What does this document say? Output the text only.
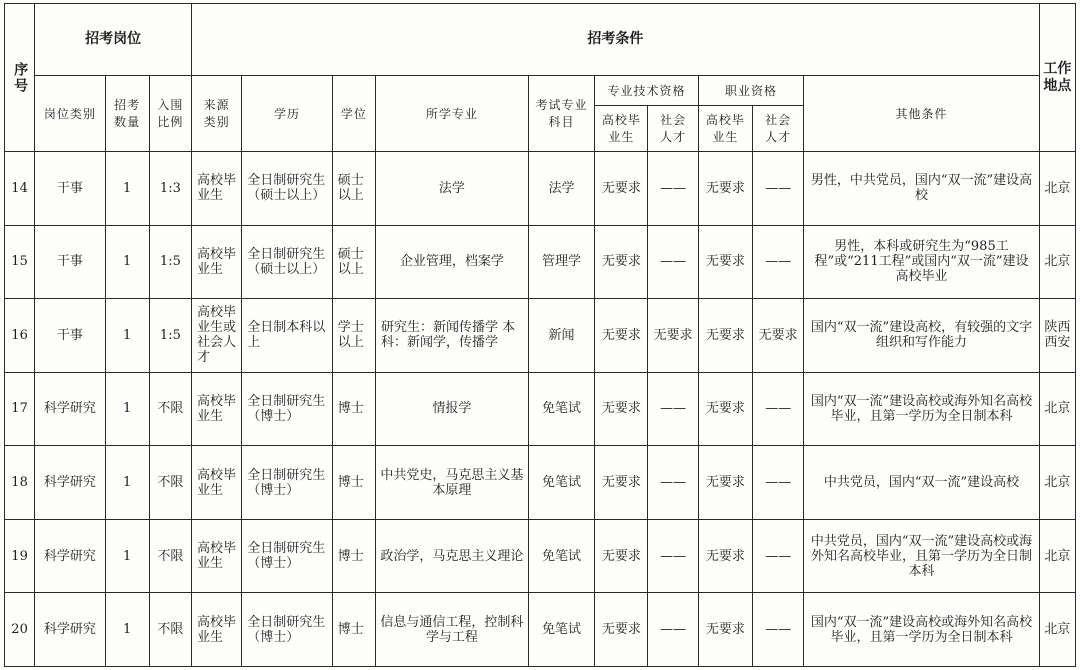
序号	招考岗位			招考条件										工作地点
	岗位类别	招考数量	入围比例	来源类别	学历	学位	所学专业	考试专业科目	专业技术资格		职业资格		其他条件	
									高校毕业生	社会人才	高校毕业生	社会人才		
14	干事	1	1:3	高校毕业生	全日制研究生（硕士以上）	硕士以上	法学	法学	无要求	——	无要求	——	男性，中共党员，国内“双一流”建设高校	北京
15	干事	1	1:5	高校毕业生	全日制研究生（硕士以上）	硕士以上	企业管理，档案学	管理学	无要求	——	无要求	——	男性，本科或研究生为“985工程”或“211工程”或国内“双一流”建设高校毕业	北京
16	干事	1	1:5	高校毕业生或社会人才	全日制本科以上	学士以上	研究生：新闻传播学 本科：新闻学，传播学	新闻	无要求	无要求	无要求	无要求	国内“双一流”建设高校，有较强的文字组织和写作能力	陕西西安
17	科学研究	1	不限	高校毕业生	全日制研究生（博士）	博士	情报学	免笔试	无要求	——	无要求	——	国内“双一流”建设高校或海外知名高校毕业，且第一学历为全日制本科	北京
18	科学研究	1	不限	高校毕业生	全日制研究生（博士）	博士	中共党史，马克思主义基本原理	免笔试	无要求	——	无要求	——	中共党员，国内“双一流”建设高校	北京
19	科学研究	1	不限	高校毕业生	全日制研究生（博士）	博士	政治学，马克思主义理论	免笔试	无要求	——	无要求	——	中共党员，国内“双一流”建设高校或海外知名高校毕业，且第一学历为全日制本科	北京
20	科学研究	1	不限	高校毕业生	全日制研究生（博士）	博士	信息与通信工程，控制科学与工程	免笔试	无要求	——	无要求	——	国内“双一流”建设高校或海外知名高校毕业，且第一学历为全日制本科	北京
